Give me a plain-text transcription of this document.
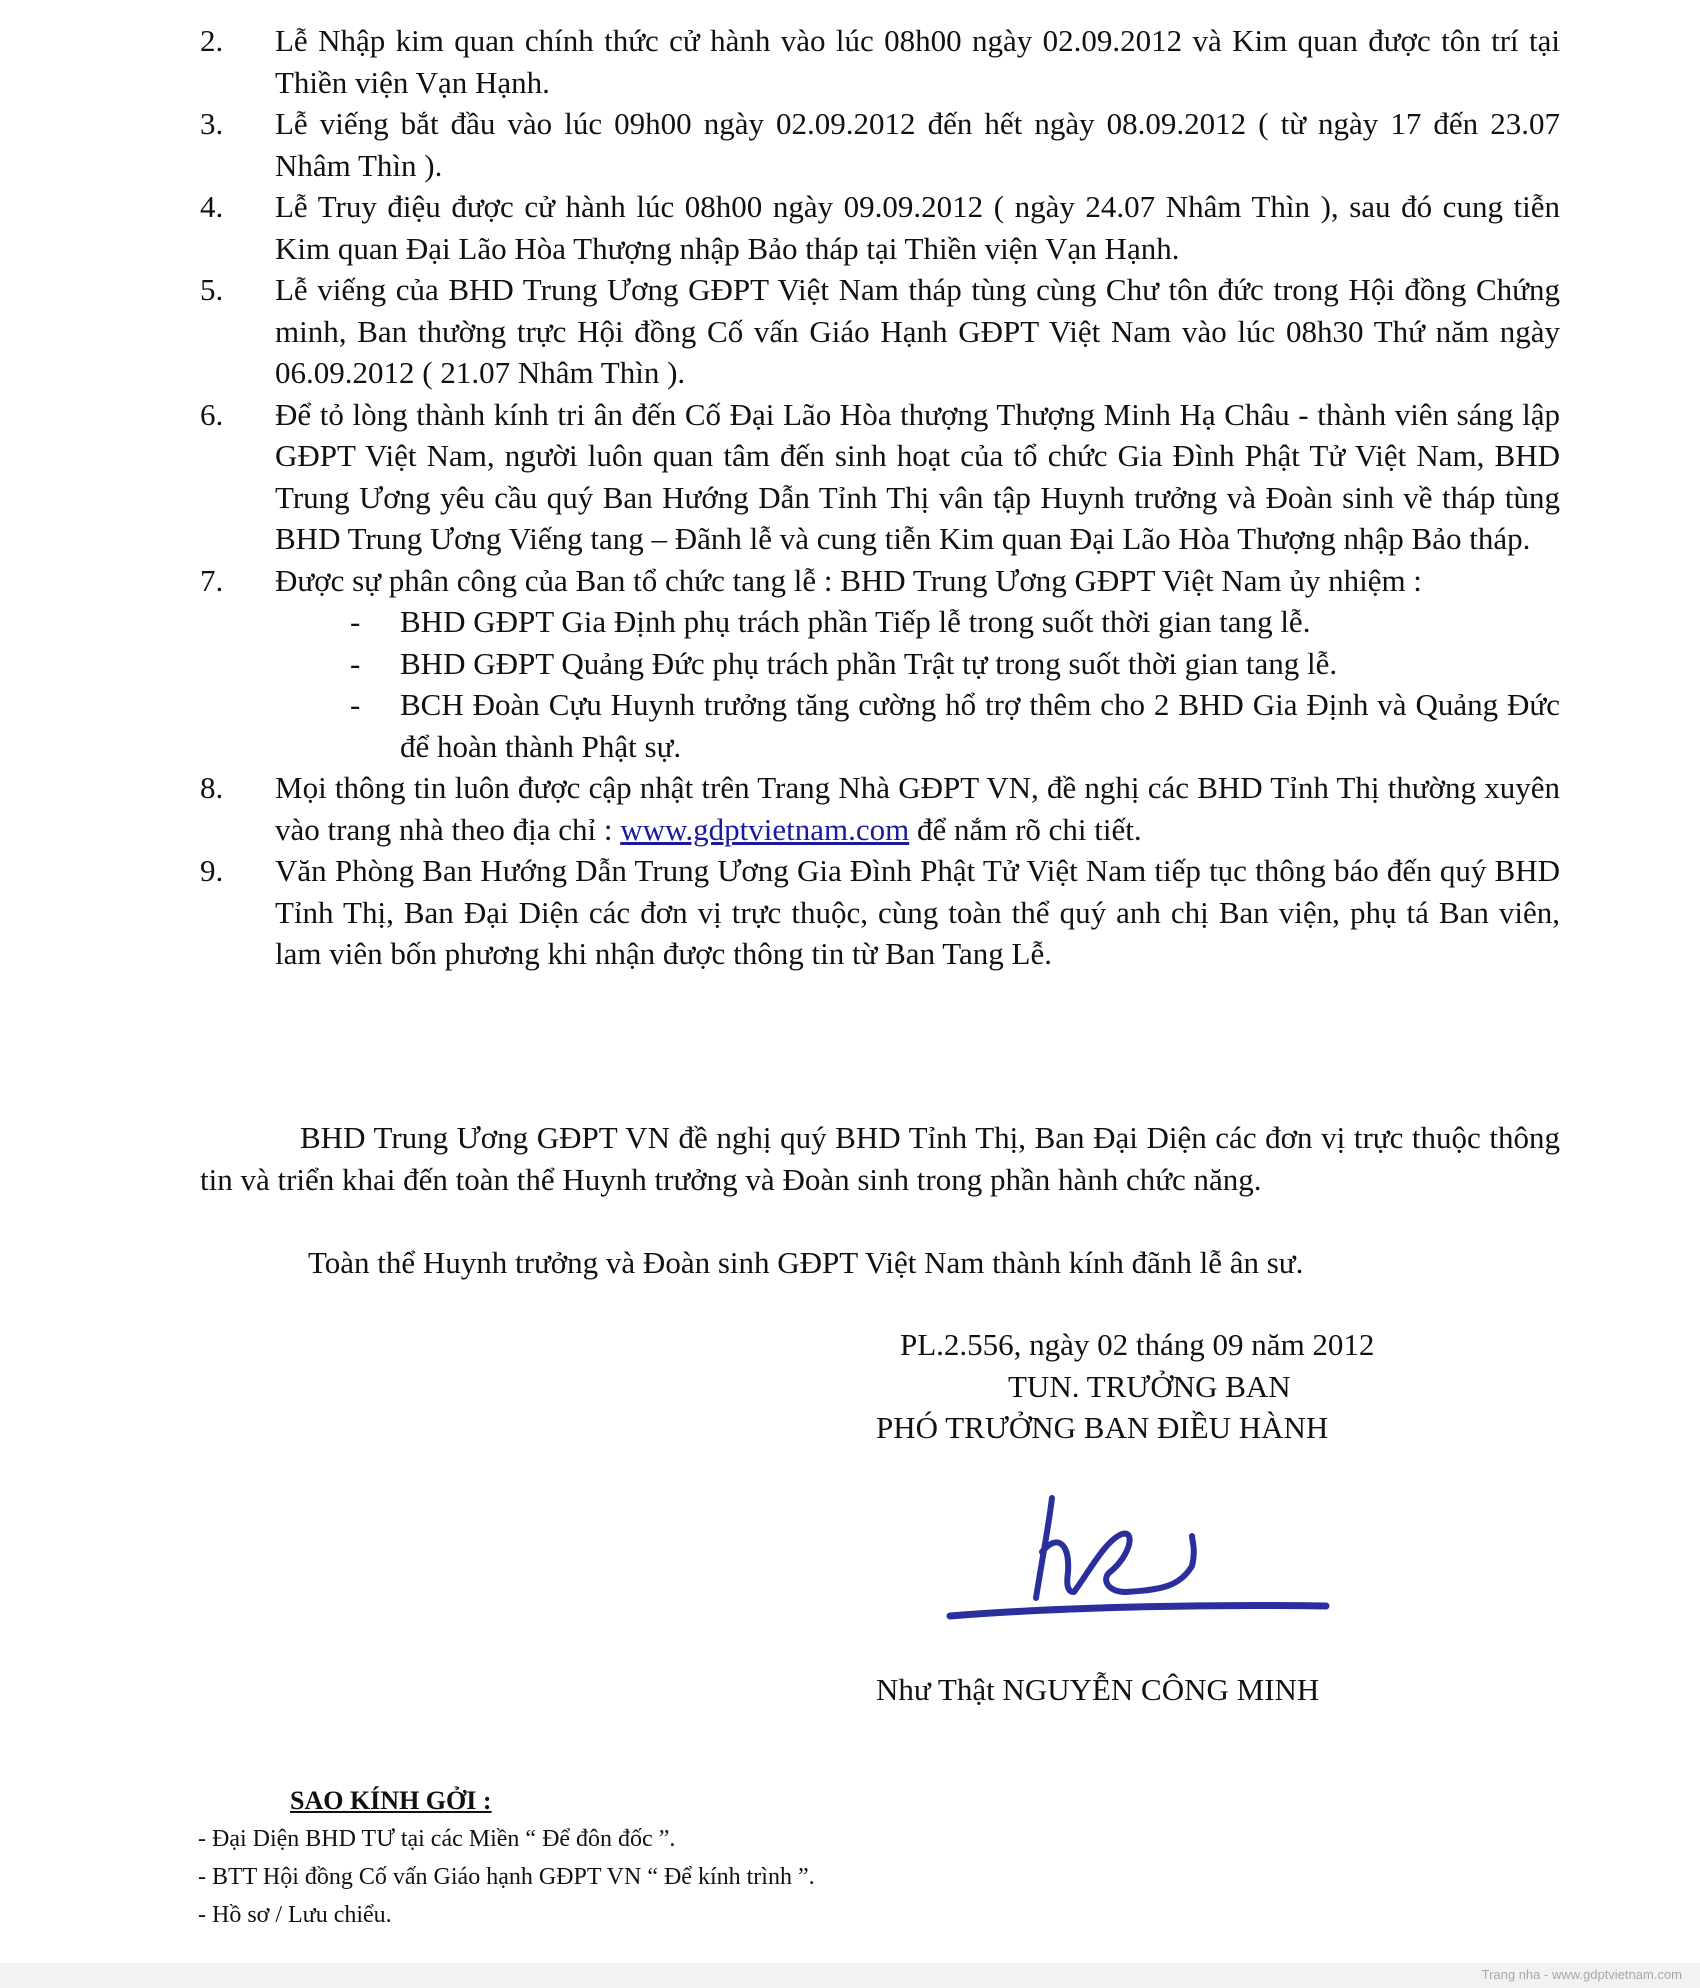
2.	Lễ Nhập kim quan chính thức cử hành vào lúc 08h00 ngày 02.09.2012 và Kim quan được tôn trí tại Thiền viện Vạn Hạnh.
3.	Lễ viếng bắt đầu vào lúc 09h00 ngày 02.09.2012 đến hết ngày 08.09.2012 ( từ ngày 17 đến 23.07 Nhâm Thìn ).
4.	Lễ Truy điệu được cử hành lúc 08h00 ngày 09.09.2012 ( ngày 24.07 Nhâm Thìn ), sau đó cung tiễn Kim quan Đại Lão Hòa Thượng nhập Bảo tháp tại Thiền viện Vạn Hạnh.
5.	Lễ viếng của BHD Trung Ương GĐPT Việt Nam tháp tùng cùng Chư tôn đức trong Hội đồng Chứng minh, Ban thường trực Hội đồng Cố vấn Giáo Hạnh GĐPT Việt Nam vào lúc 08h30 Thứ năm ngày 06.09.2012 ( 21.07 Nhâm Thìn ).
6.	Để tỏ lòng thành kính tri ân đến Cố Đại Lão Hòa thượng Thượng Minh Hạ Châu - thành viên sáng lập GĐPT Việt Nam, người luôn quan tâm đến sinh hoạt của tổ chức Gia Đình Phật Tử Việt Nam, BHD Trung Ương yêu cầu quý Ban Hướng Dẫn Tỉnh Thị vân tập Huynh trưởng và Đoàn sinh về tháp tùng BHD Trung Ương Viếng tang – Đãnh lễ và cung tiễn Kim quan Đại Lão Hòa Thượng nhập Bảo tháp.
7.	Được sự phân công của Ban tổ chức tang lễ : BHD Trung Ương GĐPT Việt Nam ủy nhiệm :
-	BHD GĐPT Gia Định phụ trách phần Tiếp lễ trong suốt thời gian tang lễ.
-	BHD GĐPT Quảng Đức phụ trách phần Trật tự trong suốt thời gian tang lễ.
-	BCH Đoàn Cựu Huynh trưởng tăng cường hổ trợ thêm cho 2 BHD Gia Định và Quảng Đức để hoàn thành Phật sự.
8.	Mọi thông tin luôn được cập nhật trên Trang Nhà GĐPT VN, đề nghị các BHD Tỉnh Thị thường xuyên vào trang nhà theo địa chỉ : www.gdptvietnam.com để nắm rõ chi tiết.
9.	Văn Phòng Ban Hướng Dẫn Trung Ương Gia Đình Phật Tử Việt Nam tiếp tục thông báo đến quý BHD Tỉnh Thị, Ban Đại Diện các đơn vị trực thuộc, cùng toàn thể quý anh chị Ban viện, phụ tá Ban viên, lam viên bốn phương khi nhận được thông tin từ Ban Tang Lễ.
BHD Trung Ương GĐPT VN đề nghị quý BHD Tỉnh Thị, Ban Đại Diện các đơn vị trực thuộc thông tin và triển khai đến toàn thể Huynh trưởng và Đoàn sinh trong phần hành chức năng.
Toàn thể Huynh trưởng và Đoàn sinh GĐPT Việt Nam thành kính đãnh lễ ân sư.
PL.2.556, ngày 02 tháng 09 năm 2012
TUN. TRƯỞNG BAN
PHÓ TRƯỞNG BAN ĐIỀU HÀNH
Như Thật NGUYỄN CÔNG MINH
SAO KÍNH GỞI :
- Đại Diện BHD TƯ tại các Miền “ Để đôn đốc ”.
- BTT Hội đồng Cố vấn Giáo hạnh GĐPT VN “ Để kính trình ”.
- Hồ sơ / Lưu chiểu.
Trang nha - www.gdptvietnam.com
